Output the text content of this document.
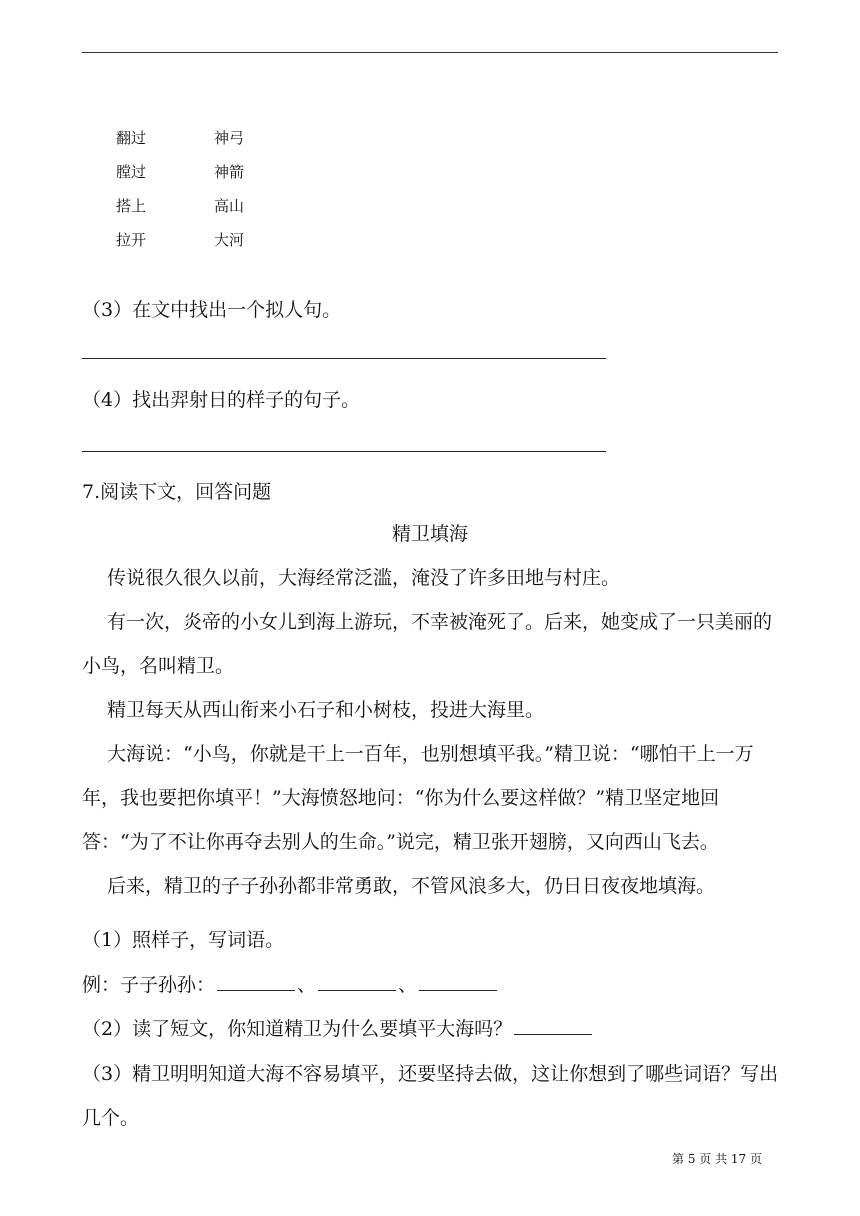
翻过	神弓
膛过	神箭
搭上	高山
拉开	大河
（3）在文中找出一个拟人句。
（4）找出羿射日的样子的句子。
7.阅读下文，回答问题
精卫填海
传说很久很久以前，大海经常泛滥，淹没了许多田地与村庄。
有一次，炎帝的小女儿到海上游玩，不幸被淹死了。后来，她变成了一只美丽的小鸟，名叫精卫。
精卫每天从西山衔来小石子和小树枝，投进大海里。
大海说：“小鸟，你就是干上一百年，也别想填平我。”精卫说：“哪怕干上一万年，我也要把你填平！”大海愤怒地问：“你为什么要这样做？”精卫坚定地回答：“为了不让你再夺去别人的生命。”说完，精卫张开翅膀，又向西山飞去。
后来，精卫的子子孙孙都非常勇敢，不管风浪多大，仍日日夜夜地填海。
（1）照样子，写词语。
例：子子孙孙：	、	、
（2）读了短文，你知道精卫为什么要填平大海吗？
（3）精卫明明知道大海不容易填平，还要坚持去做，这让你想到了哪些词语？写出几个。
第 5 页 共 17 页
